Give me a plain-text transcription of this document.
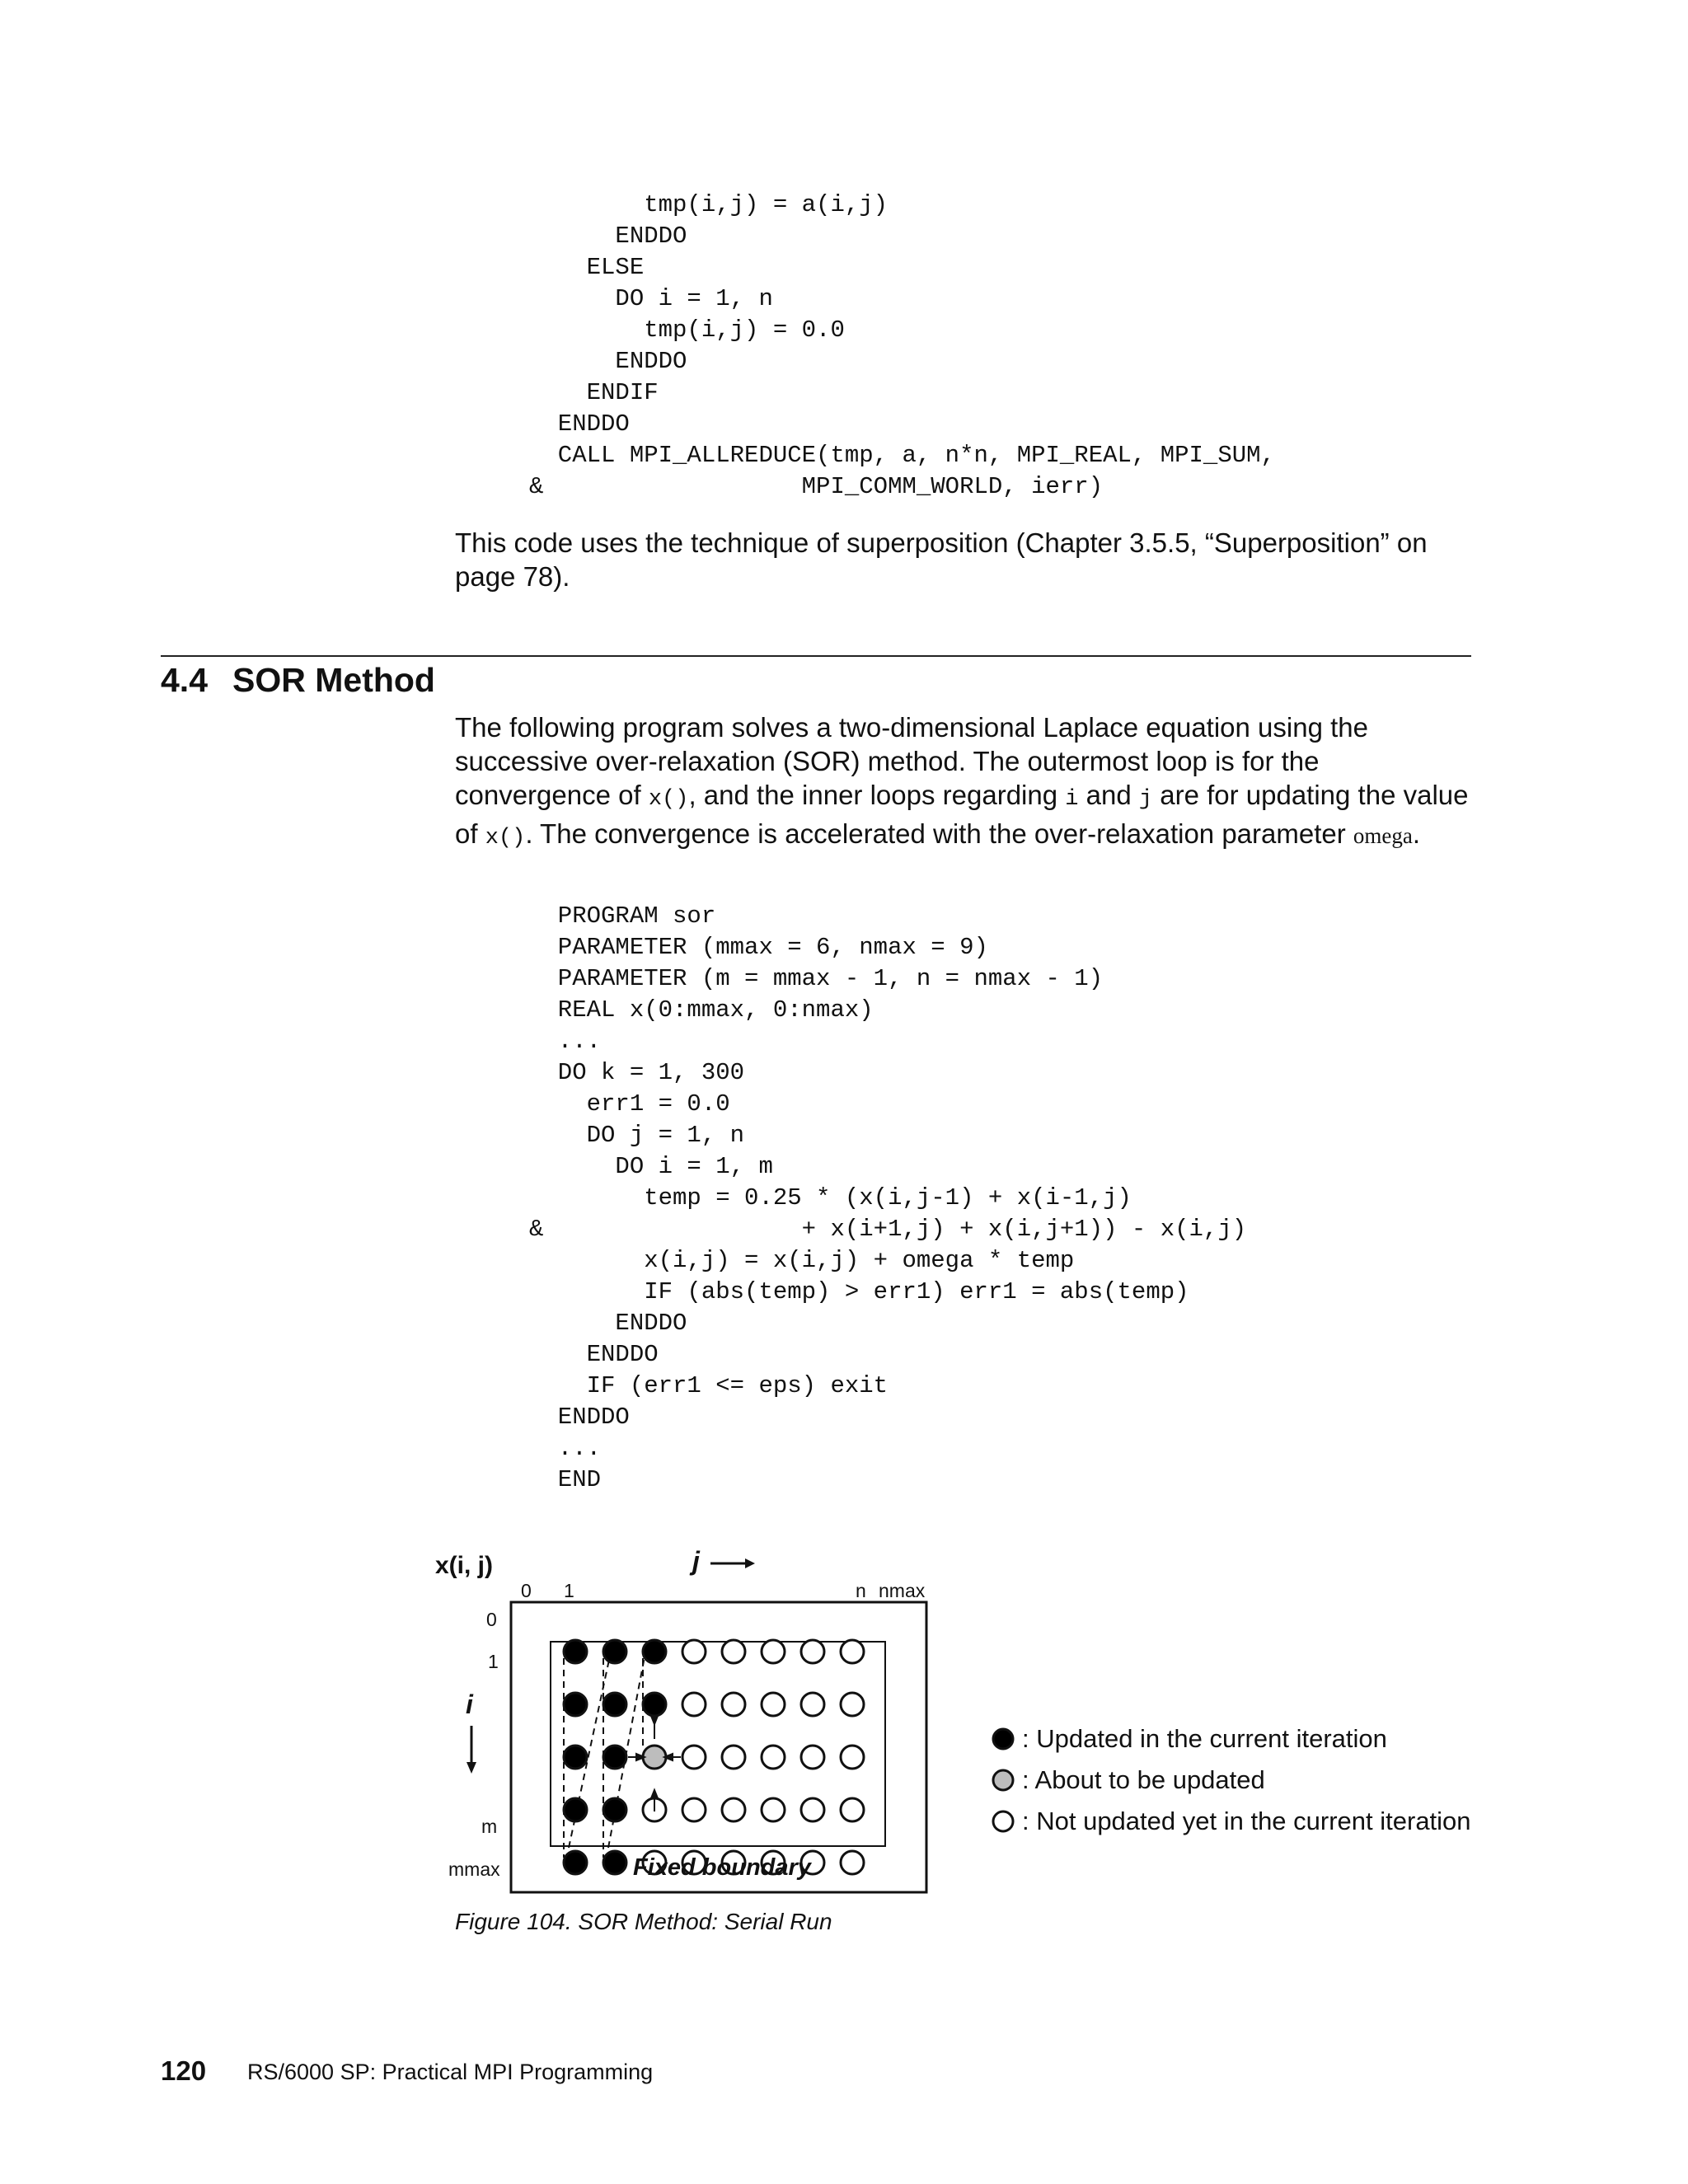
tmp(i,j) = a(i,j)
ENDDO
ELSE
DO i = 1, n
tmp(i,j) = 0.0
ENDDO
ENDIF
ENDDO
CALL MPI_ALLREDUCE(tmp, a, n*n, MPI_REAL, MPI_SUM,
&                  MPI_COMM_WORLD, ierr)

This code uses the technique of superposition (Chapter 3.5.5, “Superposition” on page 78).

4.4 SOR Method

The following program solves a two-dimensional Laplace equation using the successive over-relaxation (SOR) method. The outermost loop is for the convergence of x(), and the inner loops regarding i and j are for updating the value of x(). The convergence is accelerated with the over-relaxation parameter omega.

PROGRAM sor
PARAMETER (mmax = 6, nmax = 9)
PARAMETER (m = mmax - 1, n = nmax - 1)
REAL x(0:mmax, 0:nmax)
...
DO k = 1, 300
err1 = 0.0
DO j = 1, n
DO i = 1, m
temp = 0.25 * (x(i,j-1) + x(i-1,j)
&                  + x(i+1,j) + x(i,j+1)) - x(i,j)
x(i,j) = x(i,j) + omega * temp
IF (abs(temp) > err1) err1 = abs(temp)
ENDDO
ENDDO
IF (err1 <= eps) exit
ENDDO
...
END

x(i, j)	j
0 1	n nmax
0
1
i
m
mmax	Fixed boundary
: Updated in the current iteration
: About to be updated
: Not updated yet in the current iteration
Figure 104. SOR Method: Serial Run
120 RS/6000 SP: Practical MPI Programming
